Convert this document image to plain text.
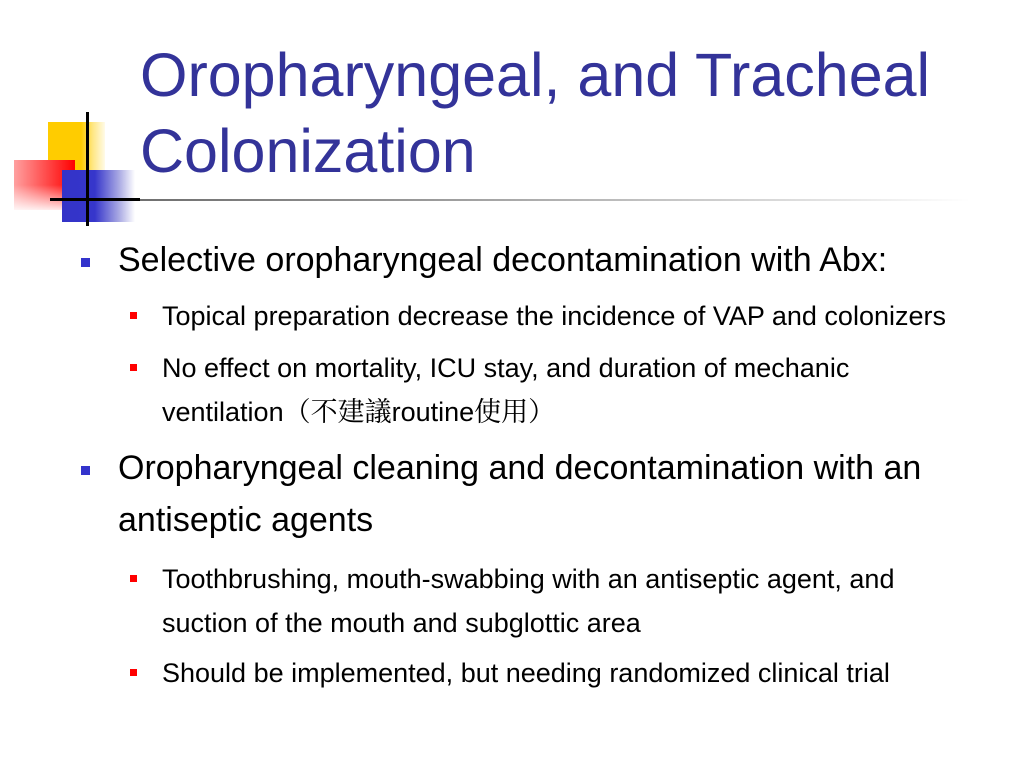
Oropharyngeal, and Tracheal Colonization
Selective oropharyngeal decontamination with Abx:
Topical preparation decrease the incidence of VAP and colonizers
No effect on mortality, ICU stay, and duration of mechanic ventilation（不建議routine使用）
Oropharyngeal cleaning and decontamination with an antiseptic agents
Toothbrushing, mouth-swabbing with an antiseptic agent, and suction of the mouth and subglottic area
Should be implemented, but needing randomized clinical trial
